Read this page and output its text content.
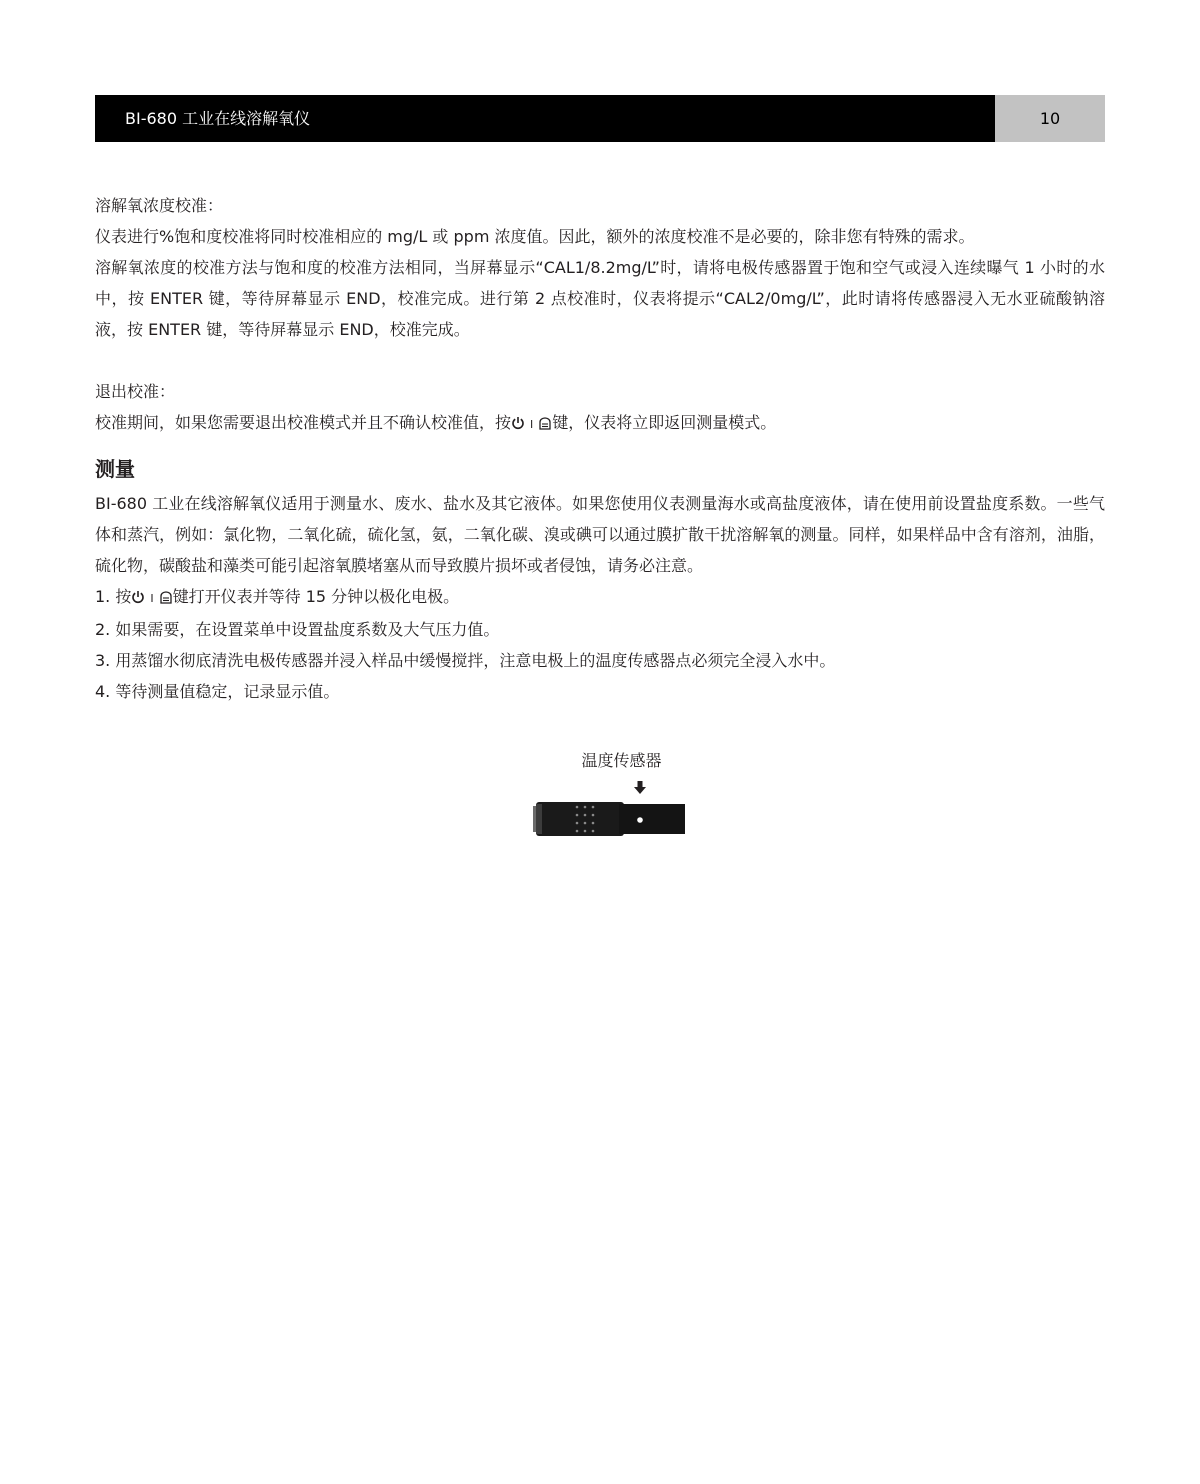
BI-680 工业在线溶解氧仪	10

溶解氧浓度校准：

仪表进行%饱和度校准将同时校准相应的 mg/L 或 ppm 浓度值。因此，额外的浓度校准不是必要的，除非您有特殊的需求。

溶解氧浓度的校准方法与饱和度的校准方法相同，当屏幕显示“CAL1/8.2mg/L”时，请将电极传感器置于饱和空气或浸入连续曝气 1 小时的水中，按 ENTER 键，等待屏幕显示 END，校准完成。进行第 2 点校准时，仪表将提示“CAL2/0mg/L”，此时请将传感器浸入无水亚硫酸钠溶液，按 ENTER 键，等待屏幕显示 END，校准完成。

退出校准：

校准期间，如果您需要退出校准模式并且不确认校准值，按 I 键，仪表将立即返回测量模式。

测量

BI-680 工业在线溶解氧仪适用于测量水、废水、盐水及其它液体。如果您使用仪表测量海水或高盐度液体，请在使用前设置盐度系数。一些气体和蒸汽，例如：氯化物，二氧化硫，硫化氢，氨，二氧化碳、溴或碘可以通过膜扩散干扰溶解氧的测量。同样，如果样品中含有溶剂，油脂，硫化物，碳酸盐和藻类可能引起溶氧膜堵塞从而导致膜片损坏或者侵蚀，请务必注意。

1. 按 I 键打开仪表并等待 15 分钟以极化电极。

2. 如果需要，在设置菜单中设置盐度系数及大气压力值。

3. 用蒸馏水彻底清洗电极传感器并浸入样品中缓慢搅拌，注意电极上的温度传感器点必须完全浸入水中。

4. 等待测量值稳定，记录显示值。

温度传感器
